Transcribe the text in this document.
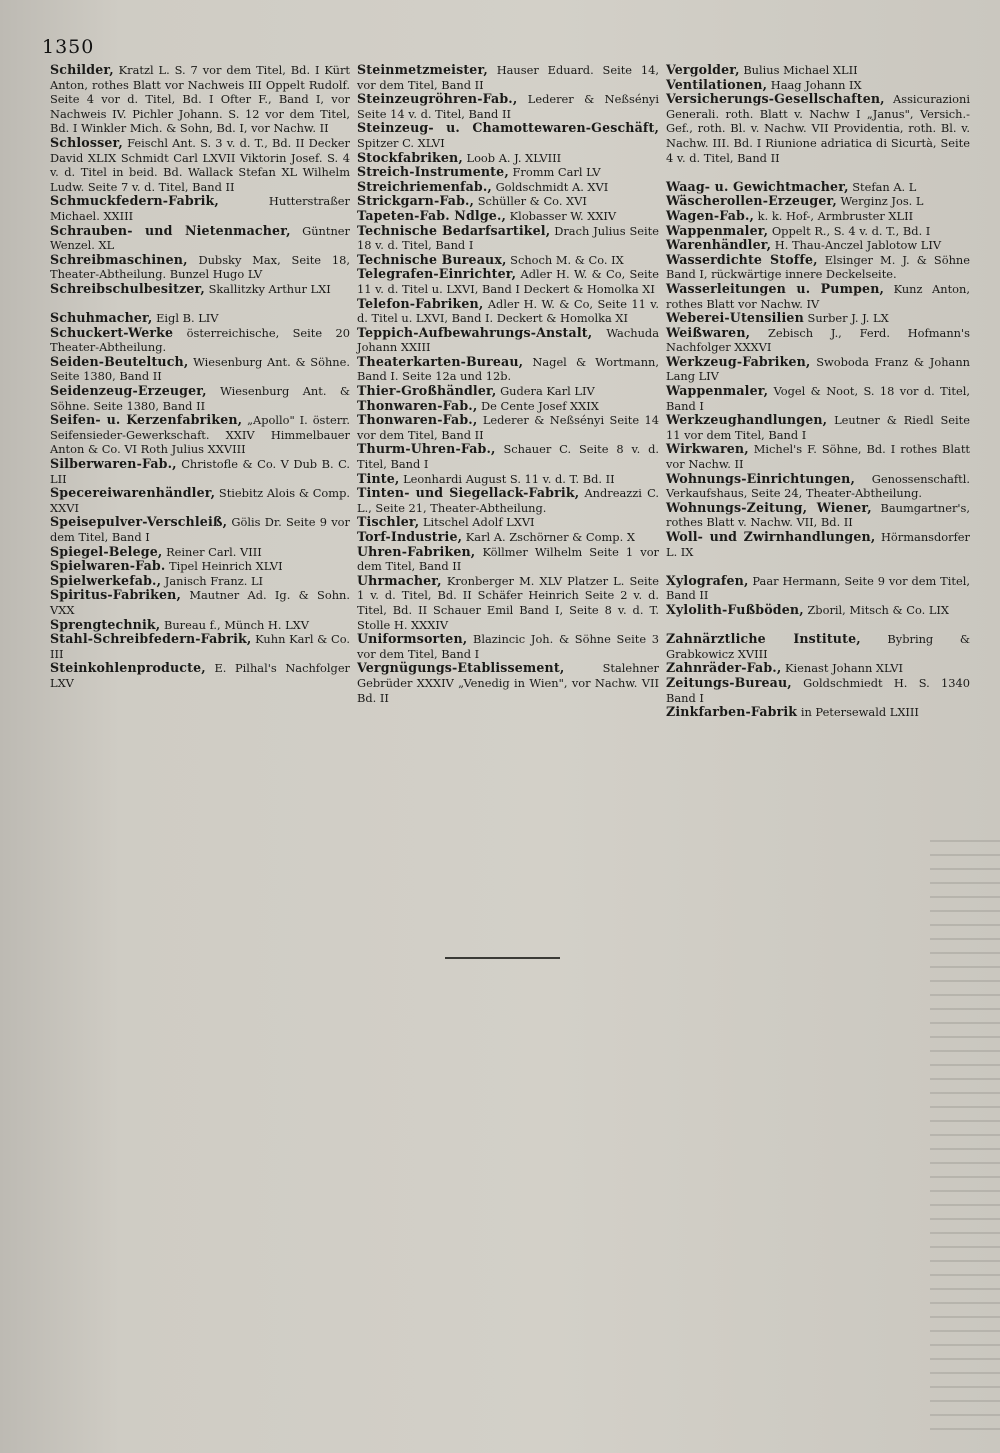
1350
Schilder, Kratzl L. S. 7 vor dem Titel, Bd. I Kürt Anton, rothes Blatt vor Nachweis III Oppelt Rudolf. Seite 4 vor d. Titel, Bd. I Ofter F., Band I, vor Nachweis IV. Pichler Johann. S. 12 vor dem Titel, Bd. I Winkler Mich. & Sohn, Bd. I, vor Nachw. II
Schlosser, Feischl Ant. S. 3 v. d. T., Bd. II Decker David XLIX Schmidt Carl LXVII Viktorin Josef. S. 4 v. d. Titel in beid. Bd. Wallack Stefan XL Wilhelm Ludw. Seite 7 v. d. Titel, Band II
Schmuckfedern-Fabrik,	Hutterstraßer Michael. XXIII
Schrauben- und Nietenmacher, Güntner Wenzel. XL
Schreibmaschinen, Dubsky Max, Seite 18, Theater-Abtheilung. Bunzel Hugo LV
Schreibschulbesitzer, Skallitzky Arthur LXI
Schuhmacher, Eigl B. LIV
Schuckert-Werke österreichische, Seite 20 Theater-Abtheilung.
Seiden-Beuteltuch, Wiesenburg Ant. & Söhne. Seite 1380, Band II
Seidenzeug-Erzeuger, Wiesenburg Ant. & Söhne. Seite 1380, Band II
Seifen- u. Kerzenfabriken, „Apollo" I. österr. Seifensieder-Gewerkschaft. XXIV Himmelbauer Anton & Co. VI Roth Julius XXVIII
Silberwaren-Fab., Christofle & Co. V Dub B. C. LII
Specereiwarenhändler, Stiebitz Alois & Comp. XXVI
Speisepulver-Verschleiß, Gölis Dr. Seite 9 vor dem Titel, Band I
Spiegel-Belege, Reiner Carl. VIII
Spielwaren-Fab. Tipel Heinrich XLVI
Spielwerkefab., Janisch Franz. LI
Spiritus-Fabriken, Mautner Ad. Ig. & Sohn. VXX
Sprengtechnik, Bureau f., Münch H. LXV
Stahl-Schreibfedern-Fabrik, Kuhn Karl & Co. III
Steinkohlenproducte, E. Pilhal's Nachfolger LXV
Steinmetzmeister, Hauser Eduard. Seite 14, vor dem Titel, Band II
Steinzeugröhren-Fab., Lederer & Neßsényi Seite 14 v. d. Titel, Band II
Steinzeug- u. Chamottewaren-Geschäft, Spitzer C. XLVI
Stockfabriken, Loob A. J. XLVIII
Streich-Instrumente, Fromm Carl LV
Streichriemenfab., Goldschmidt A. XVI
Strickgarn-Fab., Schüller & Co. XVI
Tapeten-Fab. Ndlge., Klobasser W. XXIV
Technische Bedarfsartikel, Drach Julius Seite 18 v. d. Titel, Band I
Technische Bureaux, Schoch M. & Co. IX
Telegrafen-Einrichter, Adler H. W. & Co, Seite 11 v. d. Titel u. LXVI, Band I Deckert & Homolka XI
Telefon-Fabriken, Adler H. W. & Co, Seite 11 v. d. Titel u. LXVI, Band I. Deckert & Homolka XI
Teppich-Aufbewahrungs-Anstalt, Wachuda Johann XXIII
Theaterkarten-Bureau, Nagel & Wortmann, Band I. Seite 12a und 12b.
Thier-Großhändler, Gudera Karl LIV
Thonwaren-Fab., De Cente Josef XXIX
Thonwaren-Fab., Lederer & Neßsényi Seite 14 vor dem Titel, Band II
Thurm-Uhren-Fab., Schauer C. Seite 8 v. d. Titel, Band I
Tinte, Leonhardi August S. 11 v. d. T. Bd. II
Tinten- und Siegellack-Fabrik, Andreazzi C. L., Seite 21, Theater-Abtheilung.
Tischler, Litschel Adolf LXVI
Torf-Industrie, Karl A. Zschörner & Comp. X
Uhren-Fabriken, Köllmer Wilhelm Seite 1 vor dem Titel, Band II
Uhrmacher, Kronberger M. XLV Platzer L. Seite 1 v. d. Titel, Bd. II Schäfer Heinrich Seite 2 v. d. Titel, Bd. II Schauer Emil Band I, Seite 8 v. d. T. Stolle H. XXXIV
Uniformsorten, Blazincic Joh. & Söhne Seite 3 vor dem Titel, Band I
Vergnügungs-Etablissement,	Stalehner Gebrüder XXXIV „Venedig in Wien", vor Nachw. VII Bd. II
Vergolder, Bulius Michael XLII
Ventilationen, Haag Johann IX
Versicherungs-Gesellschaften, Assicurazioni Generali. roth. Blatt v. Nachw I „Janus", Versich.-Gef., roth. Bl. v. Nachw. VII Providentia, roth. Bl. v. Nachw. III. Bd. I Riunione adriatica di Sicurtà, Seite 4 v. d. Titel, Band II
Waag- u. Gewichtmacher, Stefan A. L
Wäscherollen-Erzeuger, Werginz Jos. L
Wagen-Fab., k. k. Hof-, Armbruster XLII
Wappenmaler, Oppelt R., S. 4 v. d. T., Bd. I
Warenhändler, H. Thau-Anczel Jablotow LIV
Wasserdichte Stoffe, Elsinger M. J. & Söhne Band I, rückwärtige innere Deckelseite.
Wasserleitungen u. Pumpen, Kunz Anton, rothes Blatt vor Nachw. IV
Weberei-Utensilien Surber J. J. LX
Weißwaren, Zebisch J., Ferd. Hofmann's Nachfolger XXXVI
Werkzeug-Fabriken, Swoboda Franz & Johann Lang LIV
Wappenmaler, Vogel & Noot, S. 18 vor d. Titel, Band I
Werkzeughandlungen, Leutner & Riedl Seite 11 vor dem Titel, Band I
Wirkwaren, Michel's F. Söhne, Bd. I rothes Blatt vor Nachw. II
Wohnungs-Einrichtungen, Genossenschaftl. Verkaufshaus, Seite 24, Theater-Abtheilung.
Wohnungs-Zeitung, Wiener, Baumgartner's, rothes Blatt v. Nachw. VII, Bd. II
Woll- und Zwirnhandlungen, Hörmansdorfer L. IX
Xylografen, Paar Hermann, Seite 9 vor dem Titel, Band II
Xylolith-Fußböden, Zboril, Mitsch & Co. LIX
Zahnärztliche Institute, Bybring & Grabkowicz XVIII
Zahnräder-Fab., Kienast Johann XLVI
Zeitungs-Bureau, Goldschmiedt H. S. 1340 Band I
Zinkfarben-Fabrik in Petersewald LXIII
